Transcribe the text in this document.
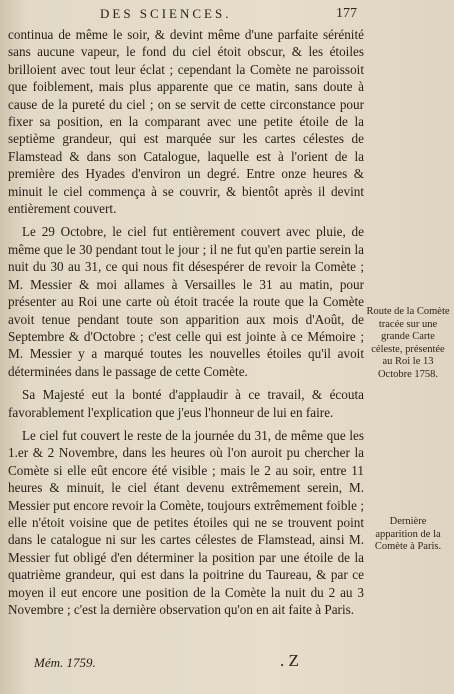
DES SCIENCES.	177

continua de même le soir, & devint même d'une parfaite sérénité sans aucune vapeur, le fond du ciel étoit obscur, & les étoiles brilloient avec tout leur éclat ; cependant la Comète ne paroissoit que foiblement, mais plus apparente que ce matin, sans doute à cause de la pureté du ciel ; on se servit de cette circonstance pour fixer sa position, en la comparant avec une petite étoile de la septième grandeur, qui est marquée sur les cartes célestes de Flamstead & dans son Catalogue, laquelle est à l'orient de la première des Hyades d'environ un degré. Entre onze heures & minuit le ciel commença à se couvrir, & bientôt après il devint entièrement couvert.

Le 29 Octobre, le ciel fut entièrement couvert avec pluie, de même que le 30 pendant tout le jour ; il ne fut qu'en partie serein la nuit du 30 au 31, ce qui nous fit désespérer de revoir la Comète ; M. Messier & moi allames à Versailles le 31 au matin, pour présenter au Roi une carte où étoit tracée la route que la Comète avoit tenue pendant toute son apparition aux mois d'Août, de Septembre & d'Octobre ; c'est celle qui est jointe à ce Mémoire ; M. Messier y a marqué toutes les nouvelles étoiles qu'il avoit déterminées dans le passage de cette Comète.

Sa Majesté eut la bonté d'applaudir à ce travail, & écouta favorablement l'explication que j'eus l'honneur de lui en faire.

Le ciel fut couvert le reste de la journée du 31, de même que les 1.er & 2 Novembre, dans les heures où l'on auroit pu chercher la Comète si elle eût encore été visible ; mais le 2 au soir, entre 11 heures & minuit, le ciel étant devenu extrêmement serein, M. Messier put encore revoir la Comète, toujours extrêmement foible ; elle n'étoit voisine que de petites étoiles qui ne se trouvent point dans le catalogue ni sur les cartes célestes de Flamstead, ainsi M. Messier fut obligé d'en déterminer la position par une étoile de la quatrième grandeur, qui est dans la poitrine du Taureau, & par ce moyen il eut encore une position de la Comète la nuit du 2 au 3 Novembre ; c'est la dernière observation qu'on en ait faite à Paris.

Route de la Comète tracée sur une grande Carte céleste, présentée au Roi le 13 Octobre 1758.
Dernière apparition de la Comète à Paris.
Mém. 1759.	. Z
